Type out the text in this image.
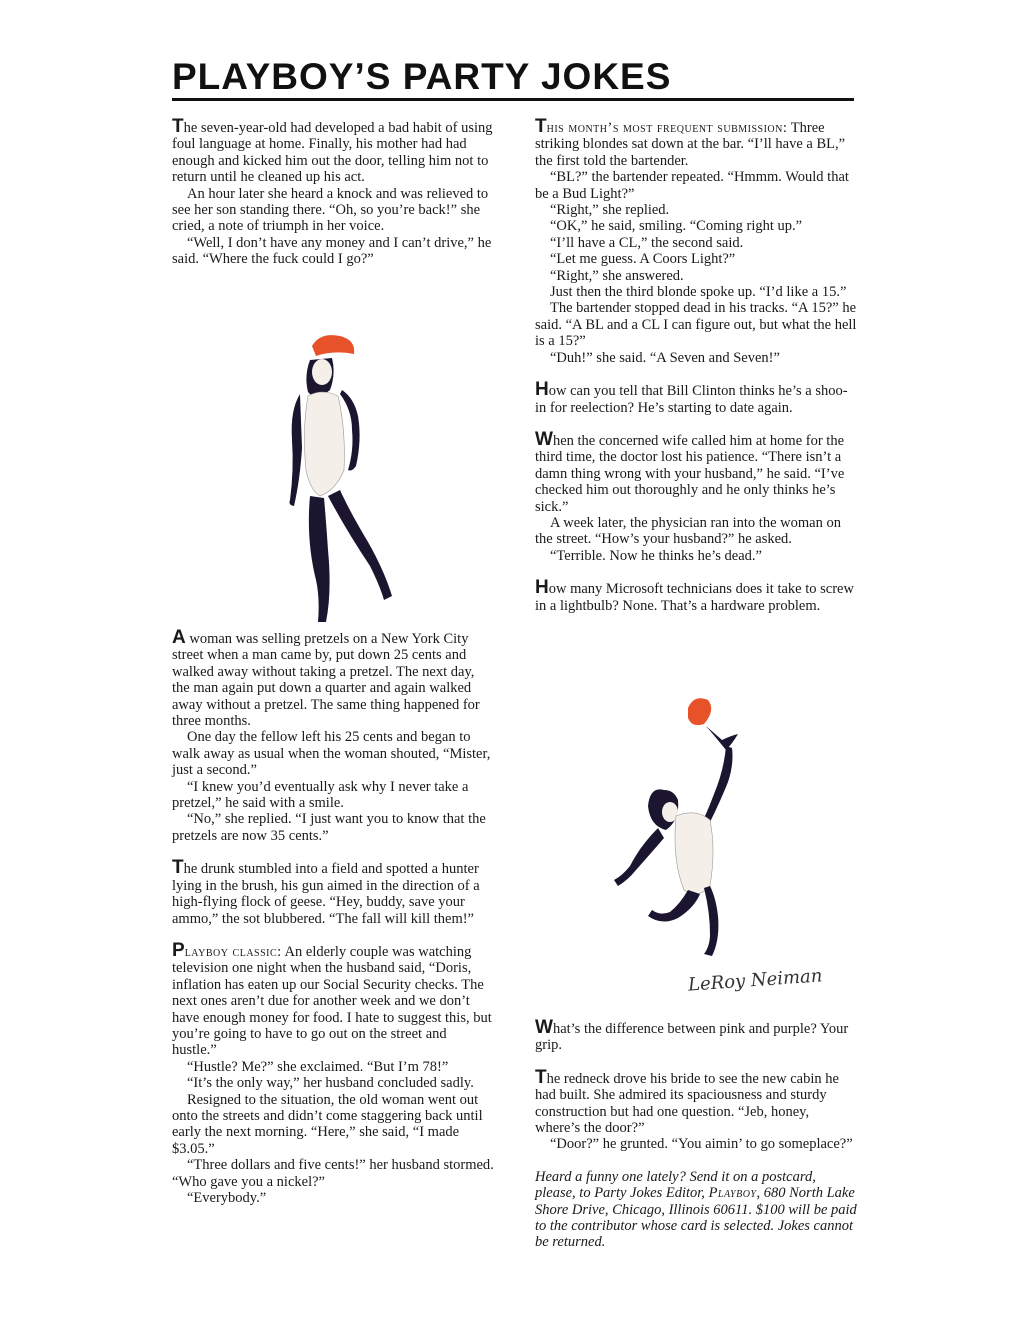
PLAYBOY’S PARTY JOKES

The seven-year-old had developed a bad habit of using foul language at home. Finally, his mother had had enough and kicked him out the door, telling him not to return until he cleaned up his act.

An hour later she heard a knock and was relieved to see her son standing there. “Oh, so you’re back!” she cried, a note of triumph in her voice.

“Well, I don’t have any money and I can’t drive,” he said. “Where the fuck could I go?”

A woman was selling pretzels on a New York City street when a man came by, put down 25 cents and walked away without taking a pretzel. The next day, the man again put down a quarter and again walked away without a pretzel. The same thing happened for three months.

One day the fellow left his 25 cents and began to walk away as usual when the woman shouted, “Mister, just a second.”

“I knew you’d eventually ask why I never take a pretzel,” he said with a smile.

“No,” she replied. “I just want you to know that the pretzels are now 35 cents.”

The drunk stumbled into a field and spotted a hunter lying in the brush, his gun aimed in the direction of a high-flying flock of geese. “Hey, buddy, save your ammo,” the sot blubbered. “The fall will kill them!”

Playboy classic: An elderly couple was watching television one night when the husband said, “Doris, inflation has eaten up our Social Security checks. The next ones aren’t due for another week and we don’t have enough money for food. I hate to suggest this, but you’re going to have to go out on the street and hustle.”

“Hustle? Me?” she exclaimed. “But I’m 78!”

“It’s the only way,” her husband concluded sadly.

Resigned to the situation, the old woman went out onto the streets and didn’t come staggering back until early the next morning. “Here,” she said, “I made $3.05.”

“Three dollars and five cents!” her husband stormed. “Who gave you a nickel?”

“Everybody.”

This month’s most frequent submission: Three striking blondes sat down at the bar. “I’ll have a BL,” the first told the bartender.

“BL?” the bartender repeated. “Hmmm. Would that be a Bud Light?”

“Right,” she replied.

“OK,” he said, smiling. “Coming right up.”

“I’ll have a CL,” the second said.

“Let me guess. A Coors Light?”

“Right,” she answered.

Just then the third blonde spoke up. “I’d like a 15.”

The bartender stopped dead in his tracks. “A 15?” he said. “A BL and a CL I can figure out, but what the hell is a 15?”

“Duh!” she said. “A Seven and Seven!”

How can you tell that Bill Clinton thinks he’s a shoo-in for reelection? He’s starting to date again.

When the concerned wife called him at home for the third time, the doctor lost his patience. “There isn’t a damn thing wrong with your husband,” he said. “I’ve checked him out thoroughly and he only thinks he’s sick.”

A week later, the physician ran into the woman on the street. “How’s your husband?” he asked.

“Terrible. Now he thinks he’s dead.”

How many Microsoft technicians does it take to screw in a lightbulb? None. That’s a hardware problem.

LeRoy Neiman

What’s the difference between pink and purple? Your grip.

The redneck drove his bride to see the new cabin he had built. She admired its spaciousness and sturdy construction but had one question. “Jeb, honey, where’s the door?”

“Door?” he grunted. “You aimin’ to go someplace?”

Heard a funny one lately? Send it on a postcard, please, to Party Jokes Editor, Playboy, 680 North Lake Shore Drive, Chicago, Illinois 60611. $100 will be paid to the contributor whose card is selected. Jokes cannot be returned.
